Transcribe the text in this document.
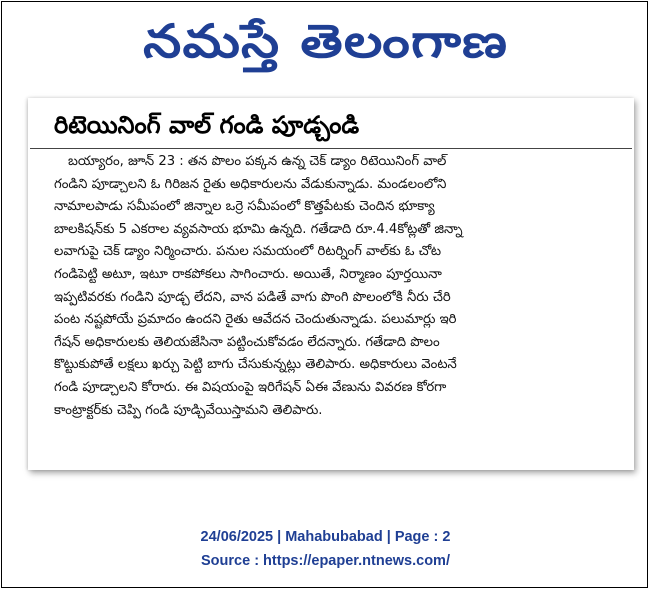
నమస్తే తెలంగాణ
రిటెయినింగ్ వాల్ గండి పూడ్చండి
బయ్యారం, జూన్ 23 : తన పొలం పక్కన ఉన్న చెక్ డ్యాం రిటెయినింగ్ వాల్
గండిని పూడ్చాలని ఓ గిరిజన రైతు అధికారులను వేడుకున్నాడు. మండలంలోని
నామాలపాడు సమీపంలో జిన్నాల ఒర్రె సమీపంలో కొత్తపేటకు చెందిన భూక్యా
బాలకిషన్‌కు 5 ఎకరాల వ్యవసాయ భూమి ఉన్నది. గతేడాది రూ.4.4కోట్లతో జిన్నా
లవాగుపై చెక్ డ్యాం నిర్మించారు. పనుల సమయంలో రిటర్నింగ్ వాల్‌కు ఓ చోట
గండిపెట్టి అటూ, ఇటూ రాకపోకలు సాగించారు. అయితే, నిర్మాణం పూర్తయినా
ఇప్పటివరకు గండిని పూడ్చ లేదని, వాన పడితే వాగు పొంగి పొలంలోకి నీరు చేరి
పంట నష్టపోయే ప్రమాదం ఉందని రైతు ఆవేదన చెందుతున్నాడు. పలుమార్లు ఇరి
గేషన్ అధికారులకు తెలియజేసినా పట్టించుకోవడం లేదన్నారు. గతేడాది పొలం
కొట్టుకుపోతే లక్షలు ఖర్చు పెట్టి బాగు చేసుకున్నట్లు తెలిపారు. అధికారులు వెంటనే
గండి పూడ్చాలని కోరారు. ఈ విషయంపై ఇరిగేషన్ ఏఈ వేణును వివరణ కోరగా
కాంట్రాక్టర్‌కు చెప్పి గండి పూడ్చివేయిస్తామని తెలిపారు.
24/06/2025 | Mahabubabad | Page : 2
Source : https://epaper.ntnews.com/
